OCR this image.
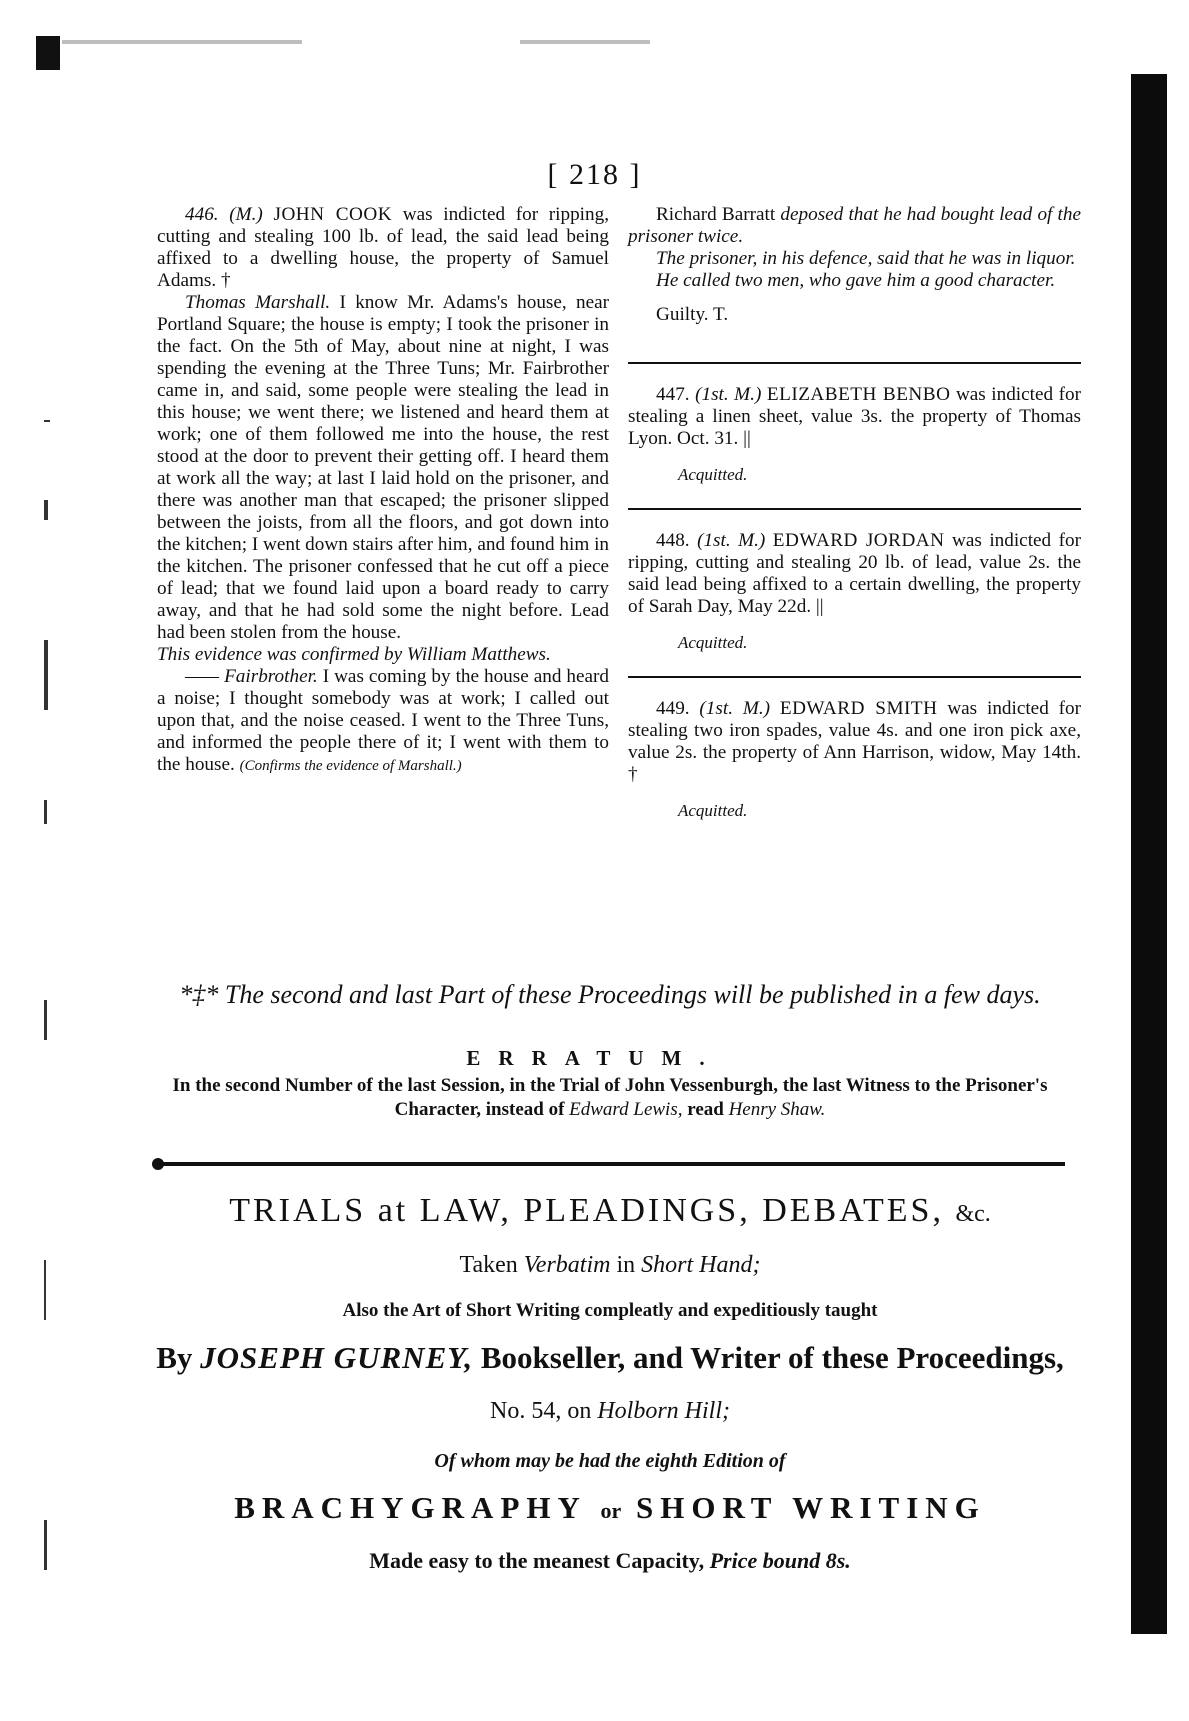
[ 218 ]

446. (M.) JOHN COOK was indicted for ripping, cutting and stealing 100 lb. of lead, the said lead being affixed to a dwelling house, the property of Samuel Adams. †

Thomas Marshall. I know Mr. Adams's house, near Portland Square; the house is empty; I took the prisoner in the fact. On the 5th of May, about nine at night, I was spending the evening at the Three Tuns; Mr. Fairbrother came in, and said, some people were stealing the lead in this house; we went there; we listened and heard them at work; one of them followed me into the house, the rest stood at the door to prevent their getting off. I heard them at work all the way; at last I laid hold on the prisoner, and there was another man that escaped; the prisoner slipped between the joists, from all the floors, and got down into the kitchen; I went down stairs after him, and found him in the kitchen. The prisoner confessed that he cut off a piece of lead; that we found laid upon a board ready to carry away, and that he had sold some the night before. Lead had been stolen from the house.

This evidence was confirmed by William Matthews.

—— Fairbrother. I was coming by the house and heard a noise; I thought somebody was at work; I called out upon that, and the noise ceased. I went to the Three Tuns, and informed the people there of it; I went with them to the house. (Confirms the evidence of Marshall.)

Richard Barratt deposed that he had bought lead of the prisoner twice.

The prisoner, in his defence, said that he was in liquor.

He called two men, who gave him a good character.

Guilty. T.

447. (1st. M.) ELIZABETH BENBO was indicted for stealing a linen sheet, value 3s. the property of Thomas Lyon. Oct. 31. ||

Acquitted.

448. (1st. M.) EDWARD JORDAN was indicted for ripping, cutting and stealing 20 lb. of lead, value 2s. the said lead being affixed to a certain dwelling, the property of Sarah Day, May 22d. ||

Acquitted.

449. (1st. M.) EDWARD SMITH was indicted for stealing two iron spades, value 4s. and one iron pick axe, value 2s. the property of Ann Harrison, widow, May 14th. †

Acquitted.

*‡* The second and last Part of these Proceedings will be published in a few days.
ERRATUM.
In the second Number of the last Session, in the Trial of John Vessenburgh, the last Witness to the Prisoner's Character, instead of Edward Lewis, read Henry Shaw.
TRIALS at LAW, PLEADINGS, DEBATES, &c.
Taken Verbatim in Short Hand;
Also the Art of Short Writing compleatly and expeditiously taught
By JOSEPH GURNEY, Bookseller, and Writer of these Proceedings,
No. 54, on Holborn Hill;
Of whom may be had the eighth Edition of
BRACHYGRAPHY or SHORT WRITING
Made easy to the meanest Capacity, Price bound 8s.
